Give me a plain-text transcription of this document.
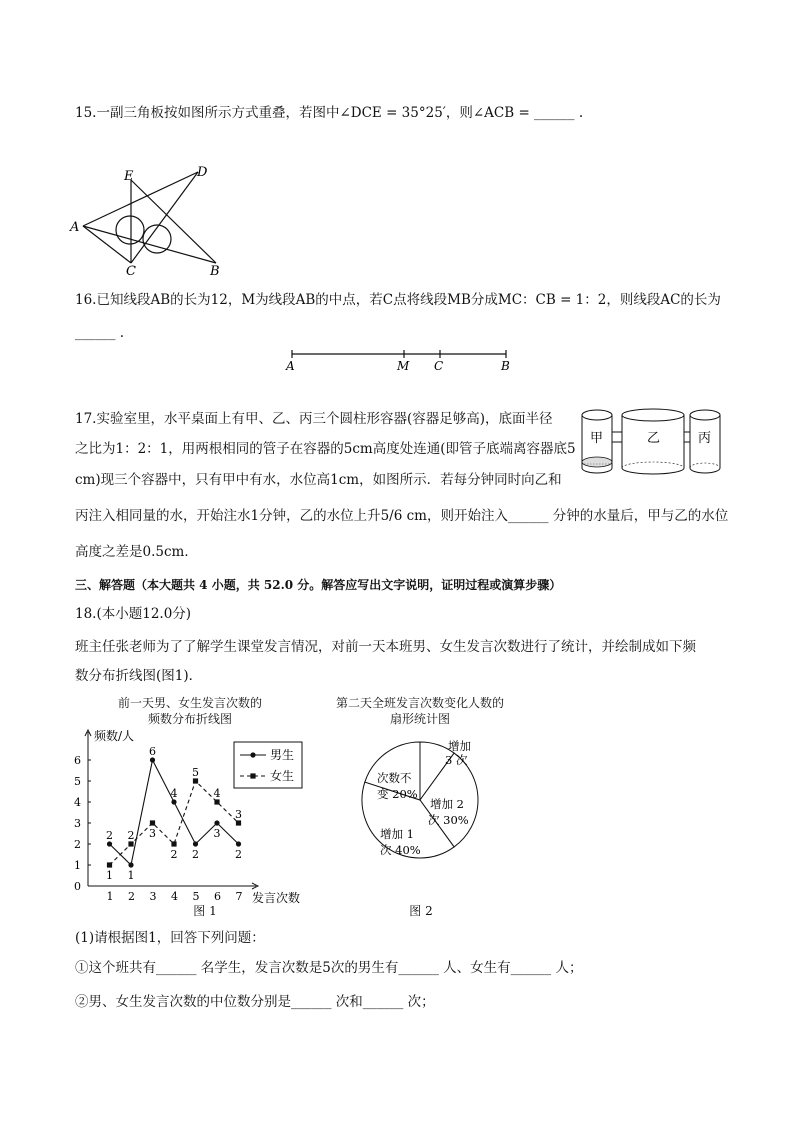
15.一副三角板按如图所示方式重叠，若图中∠DCE = 35°25′，则∠ACB = ______ .
A
B
C
D
E
16.已知线段AB的长为12，M为线段AB的中点，若C点将线段MB分成MC：CB = 1：2，则线段AC的长为
______ .
A	M C	B
17.实验室里，水平桌面上有甲、乙、丙三个圆柱形容器(容器足够高)，底面半径
之比为1：2：1，用两根相同的管子在容器的5cm高度处连通(即管子底端离容器底5
cm)现三个容器中，只有甲中有水，水位高1cm，如图所示．若每分钟同时向乙和
丙注入相同量的水，开始注水1分钟，乙的水位上升5/6 cm，则开始注入______ 分钟的水量后，甲与乙的水位
高度之差是0.5cm．
甲	乙	丙
三、解答题（本大题共 4 小题，共 52.0 分。解答应写出文字说明，证明过程或演算步骤）
18.(本小题12.0分)
班主任张老师为了了解学生课堂发言情况，对前一天本班男、女生发言次数进行了统计，并绘制成如下频
数分布折线图(图1)．
前一天男、女生发言次数的
频数分布折线图
频数/人
发言次数
0
1
2
3
4
5
6
1 2 3 4 5 6 7
2
1
6
4
2
3
2
1
2 3
2
5
4
3
男生
女生
图 1
第二天全班发言次数变化人数的
扇形统计图
增加
3 次
增加 2
次 30%
增加 1
次 40%
次数不
变 20%
图 2
(1)请根据图1，回答下列问题：
①这个班共有______ 名学生，发言次数是5次的男生有______ 人、女生有______ 人；
②男、女生发言次数的中位数分别是______ 次和______ 次；
